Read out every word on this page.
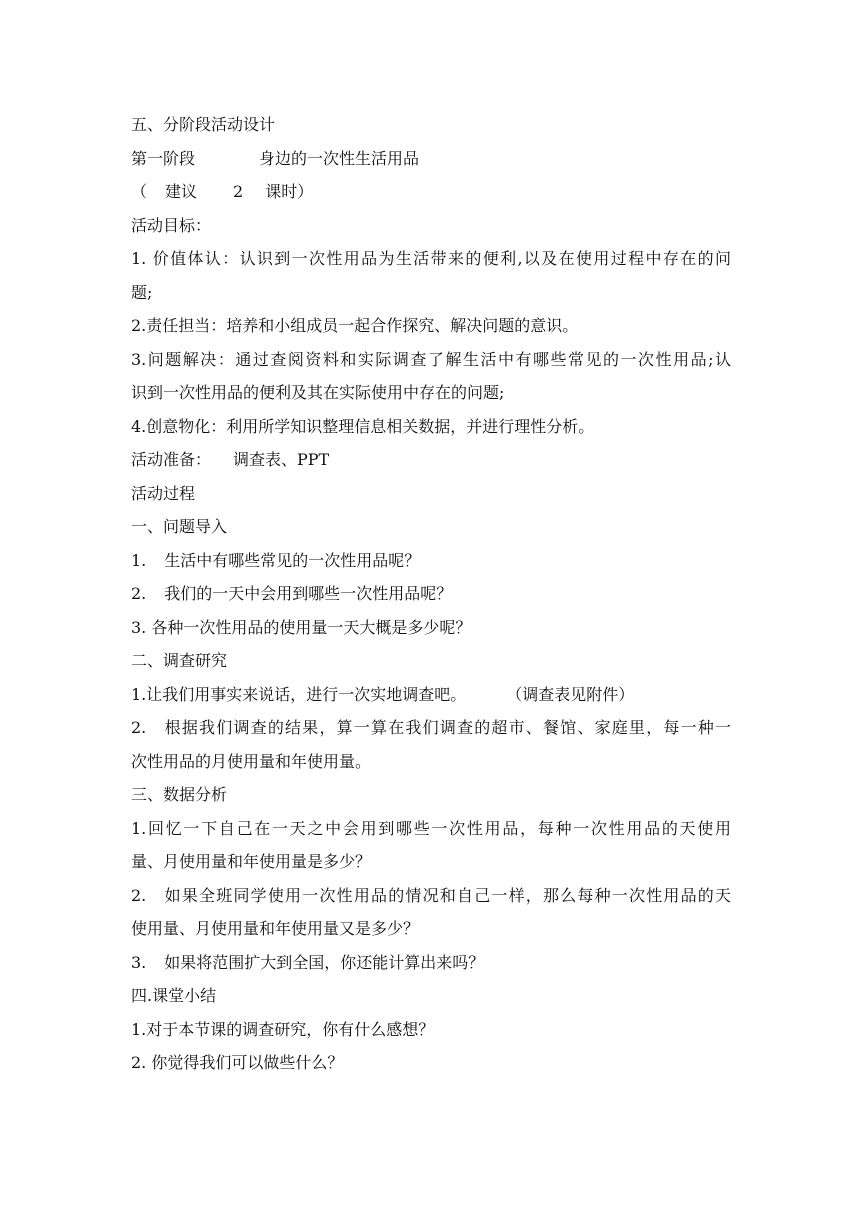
五、分阶段活动设计

第一阶段	身边的一次性生活用品

（ 建议 2 课时）

活动目标：

1. 价值体认：认识到一次性用品为生活带来的便利,以及在使用过程中存在的问

题;

2.责任担当：培养和小组成员一起合作探究、解决问题的意识。

3.问题解决：通过查阅资料和实际调查了解生活中有哪些常见的一次性用品;认

识到一次性用品的便利及其在实际使用中存在的问题;

4.创意物化：利用所学知识整理信息相关数据，并进行理性分析。

活动准备： 调查表、PPT

活动过程

一、问题导入

1. 生活中有哪些常见的一次性用品呢？

2. 我们的一天中会用到哪些一次性用品呢？

3. 各种一次性用品的使用量一天大概是多少呢？

二、调查研究

1.让我们用事实来说话，进行一次实地调查吧。	（调查表见附件）

2.　根据我们调查的结果，算一算在我们调查的超市、餐馆、家庭里，每一种一

次性用品的月使用量和年使用量。

三、数据分析

1.回忆一下自己在一天之中会用到哪些一次性用品，每种一次性用品的天使用

量、月使用量和年使用量是多少？

2.　如果全班同学使用一次性用品的情况和自己一样，那么每种一次性用品的天

使用量、月使用量和年使用量又是多少？

3. 如果将范围扩大到全国，你还能计算出来吗？

四.课堂小结

1.对于本节课的调查研究，你有什么感想？

2. 你觉得我们可以做些什么？
